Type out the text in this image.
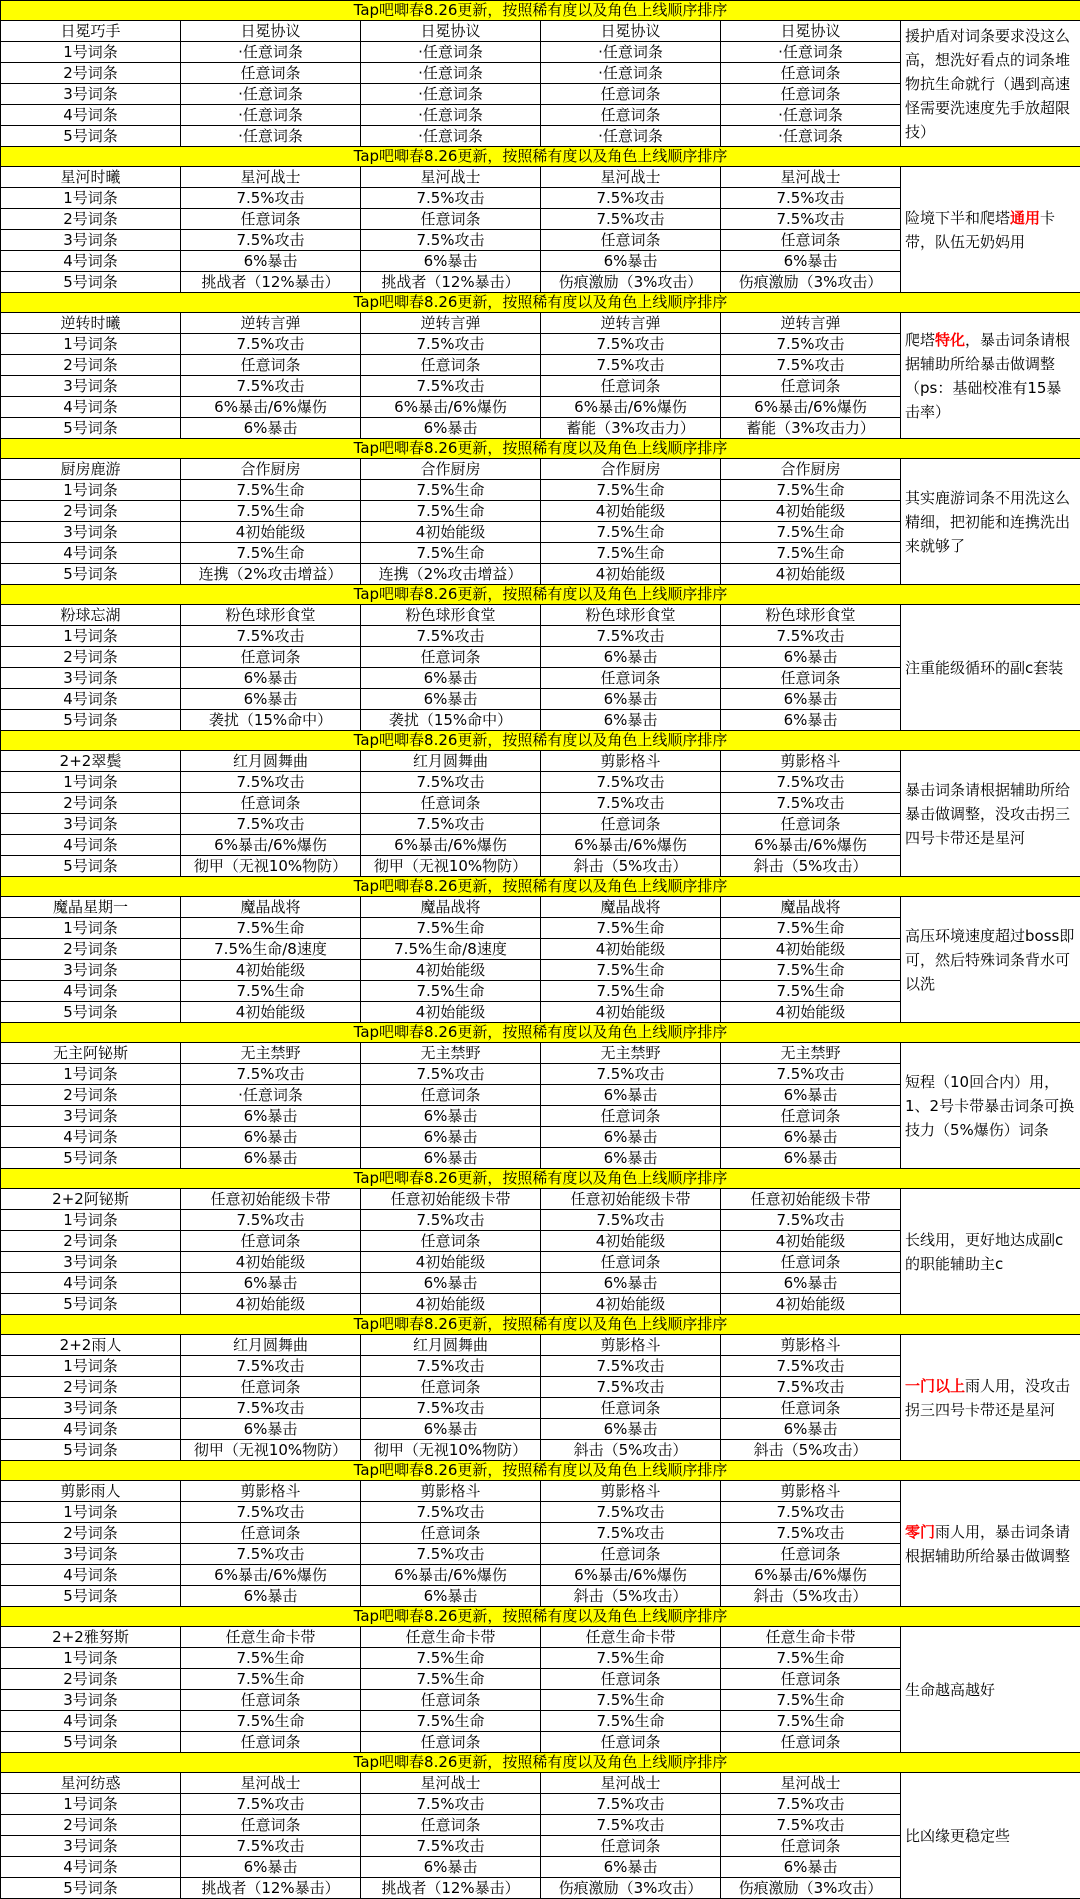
Tap吧唧春8.26更新，按照稀有度以及角色上线顺序排序					
日冕巧手	日冕协议	日冕协议	日冕协议	日冕协议	援护盾对词条要求没这么高，想洗好看点的词条堆物抗生命就行（遇到高速怪需要洗速度先手放超限技）
1号词条	·任意词条	·任意词条	·任意词条	·任意词条	
2号词条	任意词条	·任意词条	·任意词条	任意词条	
3号词条	·任意词条	·任意词条	任意词条	任意词条	
4号词条	·任意词条	·任意词条	任意词条	·任意词条	
5号词条	·任意词条	·任意词条	·任意词条	·任意词条	
Tap吧唧春8.26更新，按照稀有度以及角色上线顺序排序					
星河时曦	星河战士	星河战士	星河战士	星河战士	险境下半和爬塔通用卡带，队伍无奶妈用
1号词条	7.5%攻击	7.5%攻击	7.5%攻击	7.5%攻击	
2号词条	任意词条	任意词条	7.5%攻击	7.5%攻击	
3号词条	7.5%攻击	7.5%攻击	任意词条	任意词条	
4号词条	6%暴击	6%暴击	6%暴击	6%暴击	
5号词条	挑战者（12%暴击）	挑战者（12%暴击）	伤痕激励（3%攻击）	伤痕激励（3%攻击）	
Tap吧唧春8.26更新，按照稀有度以及角色上线顺序排序					
逆转时曦	逆转言弹	逆转言弹	逆转言弹	逆转言弹	爬塔特化，暴击词条请根据辅助所给暴击做调整（ps：基础校准有15暴击率）
1号词条	7.5%攻击	7.5%攻击	7.5%攻击	7.5%攻击	
2号词条	任意词条	任意词条	7.5%攻击	7.5%攻击	
3号词条	7.5%攻击	7.5%攻击	任意词条	任意词条	
4号词条	6%暴击/6%爆伤	6%暴击/6%爆伤	6%暴击/6%爆伤	6%暴击/6%爆伤	
5号词条	6%暴击	6%暴击	蓄能（3%攻击力）	蓄能（3%攻击力）	
Tap吧唧春8.26更新，按照稀有度以及角色上线顺序排序					
厨房鹿游	合作厨房	合作厨房	合作厨房	合作厨房	其实鹿游词条不用洗这么精细，把初能和连携洗出来就够了
1号词条	7.5%生命	7.5%生命	7.5%生命	7.5%生命	
2号词条	7.5%生命	7.5%生命	4初始能级	4初始能级	
3号词条	4初始能级	4初始能级	7.5%生命	7.5%生命	
4号词条	7.5%生命	7.5%生命	7.5%生命	7.5%生命	
5号词条	连携（2%攻击增益）	连携（2%攻击增益）	4初始能级	4初始能级	
Tap吧唧春8.26更新，按照稀有度以及角色上线顺序排序					
粉球忘湖	粉色球形食堂	粉色球形食堂	粉色球形食堂	粉色球形食堂	注重能级循环的副c套装
1号词条	7.5%攻击	7.5%攻击	7.5%攻击	7.5%攻击	
2号词条	任意词条	任意词条	6%暴击	6%暴击	
3号词条	6%暴击	6%暴击	任意词条	任意词条	
4号词条	6%暴击	6%暴击	6%暴击	6%暴击	
5号词条	袭扰（15%命中）	袭扰（15%命中）	6%暴击	6%暴击	
Tap吧唧春8.26更新，按照稀有度以及角色上线顺序排序					
2+2翠鬓	红月圆舞曲	红月圆舞曲	剪影格斗	剪影格斗	暴击词条请根据辅助所给暴击做调整，没攻击拐三四号卡带还是星河
1号词条	7.5%攻击	7.5%攻击	7.5%攻击	7.5%攻击	
2号词条	任意词条	任意词条	7.5%攻击	7.5%攻击	
3号词条	7.5%攻击	7.5%攻击	任意词条	任意词条	
4号词条	6%暴击/6%爆伤	6%暴击/6%爆伤	6%暴击/6%爆伤	6%暴击/6%爆伤	
5号词条	彻甲（无视10%物防）	彻甲（无视10%物防）	斜击（5%攻击）	斜击（5%攻击）	
Tap吧唧春8.26更新，按照稀有度以及角色上线顺序排序					
魔晶星期一	魔晶战将	魔晶战将	魔晶战将	魔晶战将	高压环境速度超过boss即可，然后特殊词条背水可以洗
1号词条	7.5%生命	7.5%生命	7.5%生命	7.5%生命	
2号词条	7.5%生命/8速度	7.5%生命/8速度	4初始能级	4初始能级	
3号词条	4初始能级	4初始能级	7.5%生命	7.5%生命	
4号词条	7.5%生命	7.5%生命	7.5%生命	7.5%生命	
5号词条	4初始能级	4初始能级	4初始能级	4初始能级	
Tap吧唧春8.26更新，按照稀有度以及角色上线顺序排序					
无主阿铋斯	无主禁野	无主禁野	无主禁野	无主禁野	短程（10回合内）用，1、2号卡带暴击词条可换技力（5%爆伤）词条
1号词条	7.5%攻击	7.5%攻击	7.5%攻击	7.5%攻击	
2号词条	·任意词条	任意词条	6%暴击	6%暴击	
3号词条	6%暴击	6%暴击	任意词条	任意词条	
4号词条	6%暴击	6%暴击	6%暴击	6%暴击	
5号词条	6%暴击	6%暴击	6%暴击	6%暴击	
Tap吧唧春8.26更新，按照稀有度以及角色上线顺序排序					
2+2阿铋斯	任意初始能级卡带	任意初始能级卡带	任意初始能级卡带	任意初始能级卡带	长线用，更好地达成副c的职能辅助主c
1号词条	7.5%攻击	7.5%攻击	7.5%攻击	7.5%攻击	
2号词条	任意词条	任意词条	4初始能级	4初始能级	
3号词条	4初始能级	4初始能级	任意词条	任意词条	
4号词条	6%暴击	6%暴击	6%暴击	6%暴击	
5号词条	4初始能级	4初始能级	4初始能级	4初始能级	
Tap吧唧春8.26更新，按照稀有度以及角色上线顺序排序					
2+2雨人	红月圆舞曲	红月圆舞曲	剪影格斗	剪影格斗	一门以上雨人用，没攻击拐三四号卡带还是星河
1号词条	7.5%攻击	7.5%攻击	7.5%攻击	7.5%攻击	
2号词条	任意词条	任意词条	7.5%攻击	7.5%攻击	
3号词条	7.5%攻击	7.5%攻击	任意词条	任意词条	
4号词条	6%暴击	6%暴击	6%暴击	6%暴击	
5号词条	彻甲（无视10%物防）	彻甲（无视10%物防）	斜击（5%攻击）	斜击（5%攻击）	
Tap吧唧春8.26更新，按照稀有度以及角色上线顺序排序					
剪影雨人	剪影格斗	剪影格斗	剪影格斗	剪影格斗	零门雨人用，暴击词条请根据辅助所给暴击做调整
1号词条	7.5%攻击	7.5%攻击	7.5%攻击	7.5%攻击	
2号词条	任意词条	任意词条	7.5%攻击	7.5%攻击	
3号词条	7.5%攻击	7.5%攻击	任意词条	任意词条	
4号词条	6%暴击/6%爆伤	6%暴击/6%爆伤	6%暴击/6%爆伤	6%暴击/6%爆伤	
5号词条	6%暴击	6%暴击	斜击（5%攻击）	斜击（5%攻击）	
Tap吧唧春8.26更新，按照稀有度以及角色上线顺序排序					
2+2雅努斯	任意生命卡带	任意生命卡带	任意生命卡带	任意生命卡带	生命越高越好
1号词条	7.5%生命	7.5%生命	7.5%生命	7.5%生命	
2号词条	7.5%生命	7.5%生命	任意词条	任意词条	
3号词条	任意词条	任意词条	7.5%生命	7.5%生命	
4号词条	7.5%生命	7.5%生命	7.5%生命	7.5%生命	
5号词条	任意词条	任意词条	任意词条	任意词条	
Tap吧唧春8.26更新，按照稀有度以及角色上线顺序排序					
星河纺惑	星河战士	星河战士	星河战士	星河战士	比凶缘更稳定些
1号词条	7.5%攻击	7.5%攻击	7.5%攻击	7.5%攻击	
2号词条	任意词条	任意词条	7.5%攻击	7.5%攻击	
3号词条	7.5%攻击	7.5%攻击	任意词条	任意词条	
4号词条	6%暴击	6%暴击	6%暴击	6%暴击	
5号词条	挑战者（12%暴击）	挑战者（12%暴击）	伤痕激励（3%攻击）	伤痕激励（3%攻击）	
